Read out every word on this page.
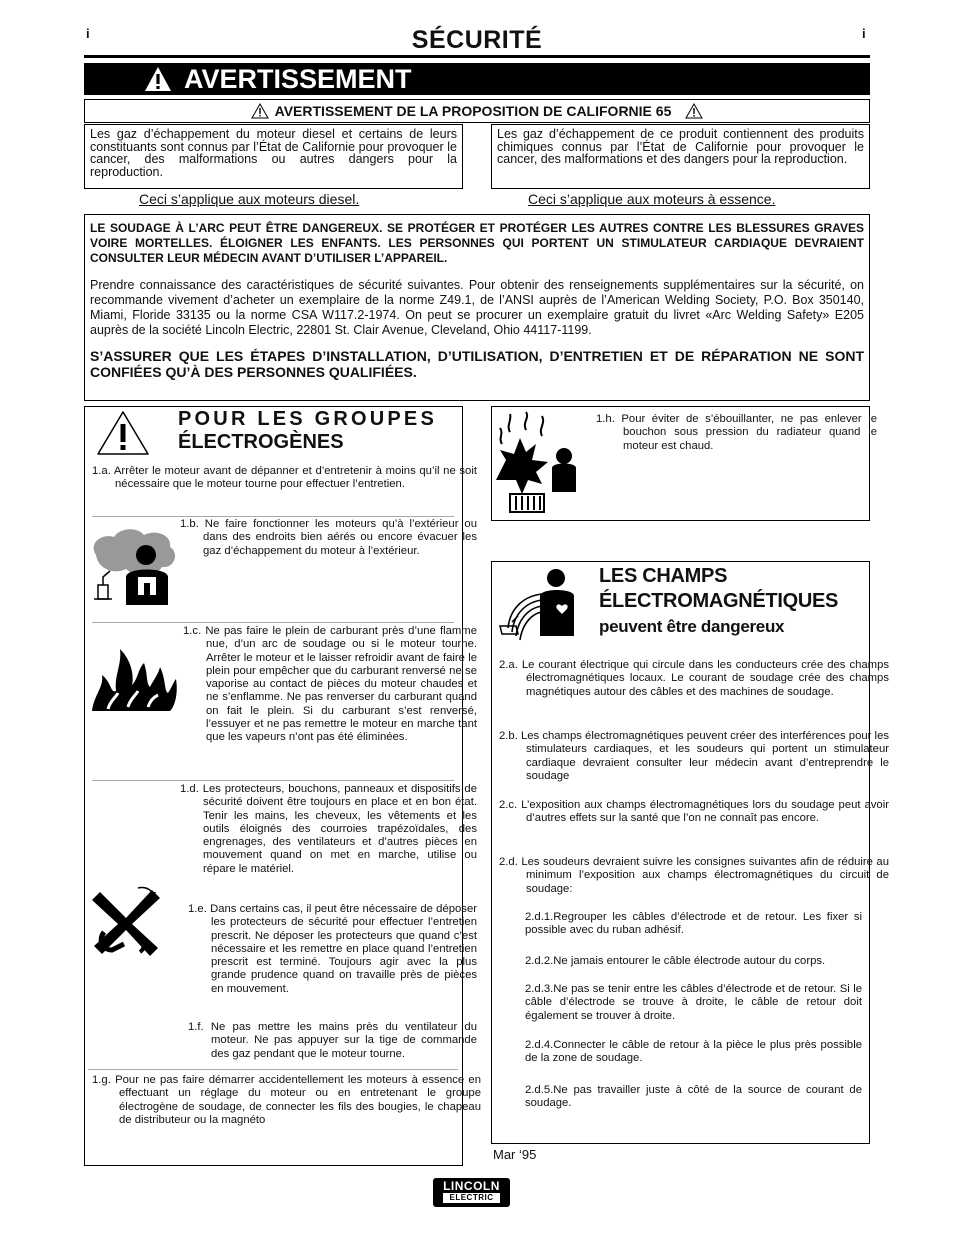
i	i
SÉCURITÉ
AVERTISSEMENT
AVERTISSEMENT DE LA PROPOSITION DE CALIFORNIE 65
Les gaz d’échappement du moteur diesel et certains de leurs constituants sont connus par l’État de Californie pour provoquer le cancer, des malformations ou autres dangers pour la reproduction.
Les gaz d’échappement de ce produit contiennent des produits chimiques connus par l’État de Californie pour provoquer le cancer, des malformations et des dangers pour la reproduction.
Ceci s’applique aux moteurs diesel.	Ceci s’applique aux moteurs à essence.

LE SOUDAGE À L’ARC PEUT ÊTRE DANGEREUX. SE PROTÉGER ET PROTÉGER LES AUTRES CONTRE LES BLESSURES GRAVES VOIRE MORTELLES. ÉLOIGNER LES ENFANTS. LES PERSONNES QUI PORTENT UN STIMULATEUR CARDIAQUE DEVRAIENT CONSULTER LEUR MÉDECIN AVANT D’UTILISER L’APPAREIL.

Prendre connaissance des caractéristiques de sécurité suivantes. Pour obtenir des renseignements supplémentaires sur la sécurité, on recommande vivement d’acheter un exemplaire de la norme Z49.1, de l’ANSI auprès de l’American Welding Society, P.O. Box 350140, Miami, Floride 33135 ou la norme CSA W117.2-1974. On peut se procurer un exemplaire gratuit du livret «Arc Welding Safety» E205 auprès de la société Lincoln Electric, 22801 St. Clair Avenue, Cleveland, Ohio 44117-1199.

S’ASSURER QUE LES ÉTAPES D’INSTALLATION, D’UTILISATION, D’ENTRETIEN ET DE RÉPARATION NE SONT CONFIÉES QU’À DES PERSONNES QUALIFIÉES.

POUR LES GROUPES
ÉLECTROGÈNES
1.a. Arrêter le moteur avant de dépanner et d’entretenir à moins qu’il ne soit nécessaire que le moteur tourne pour effectuer l’entretien.
1.b. Ne faire fonctionner les moteurs qu’à l’extérieur ou dans des endroits bien aérés ou encore évacuer les gaz d’échappement du moteur à l’extérieur.
1.c. Ne pas faire le plein de carburant près d’une flamme nue, d’un arc de soudage ou si le moteur tourne. Arrêter le moteur et le laisser refroidir avant de faire le plein pour empêcher que du carburant renversé ne se vaporise au contact de pièces du moteur chaudes et ne s’enflamme. Ne pas renverser du carburant quand on fait le plein. Si du carburant s’est renversé, l’essuyer et ne pas remettre le moteur en marche tant que les vapeurs n’ont pas été éliminées.
1.d. Les protecteurs, bouchons, panneaux et dispositifs de sécurité doivent être toujours en place et en bon état. Tenir les mains, les cheveux, les vêtements et les outils éloignés des courroies trapézoïdales, des engrenages, des ventilateurs et d’autres pièces en mouvement quand on met en marche, utilise ou répare le matériel.
1.e. Dans certains cas, il peut être nécessaire de déposer les protecteurs de sécurité pour effectuer l’entretien prescrit. Ne déposer les protecteurs que quand c’est nécessaire et les remettre en place quand l’entretien prescrit est terminé. Toujours agir avec la plus grande prudence quand on travaille près de pièces en mouvement.
1.f. Ne pas mettre les mains près du ventilateur du moteur. Ne pas appuyer sur la tige de commande des gaz pendant que le moteur tourne.
1.g. Pour ne pas faire démarrer accidentellement les moteurs à essence en effectuant un réglage du moteur ou en entretenant le groupe électrogène de soudage, de connecter les fils des bougies, le chapeau de distributeur ou la magnéto
1.h. Pour éviter de s’ébouillanter, ne pas enlever le bouchon sous pression du radiateur quand le moteur est chaud.
LES CHAMPS
ÉLECTROMAGNÉTIQUES
peuvent être dangereux
2.a. Le courant électrique qui circule dans les conducteurs crée des champs électromagnétiques locaux. Le courant de soudage crée des champs magnétiques autour des câbles et des machines de soudage.
2.b. Les champs électromagnétiques peuvent créer des interférences pour les stimulateurs cardiaques, et les soudeurs qui portent un stimulateur cardiaque devraient consulter leur médecin avant d’entreprendre le soudage
2.c. L’exposition aux champs électromagnétiques lors du soudage peut avoir d’autres effets sur la santé que l’on ne connaît pas encore.
2.d. Les soudeurs devraient suivre les consignes suivantes afin de réduire au minimum l’exposition aux champs électromagnétiques du circuit de soudage:
2.d.1.Regrouper les câbles d’électrode et de retour. Les fixer si possible avec du ruban adhésif.
2.d.2.Ne jamais entourer le câble électrode autour du corps.
2.d.3.Ne pas se tenir entre les câbles d’électrode et de retour. Si le câble d’électrode se trouve à droite, le câble de retour doit également se trouver à droite.
2.d.4.Connecter le câble de retour à la pièce le plus près possible de la zone de soudage.
2.d.5.Ne pas travailler juste à côté de la source de courant de soudage.
Mar ‘95
LINCOLN
ELECTRIC
